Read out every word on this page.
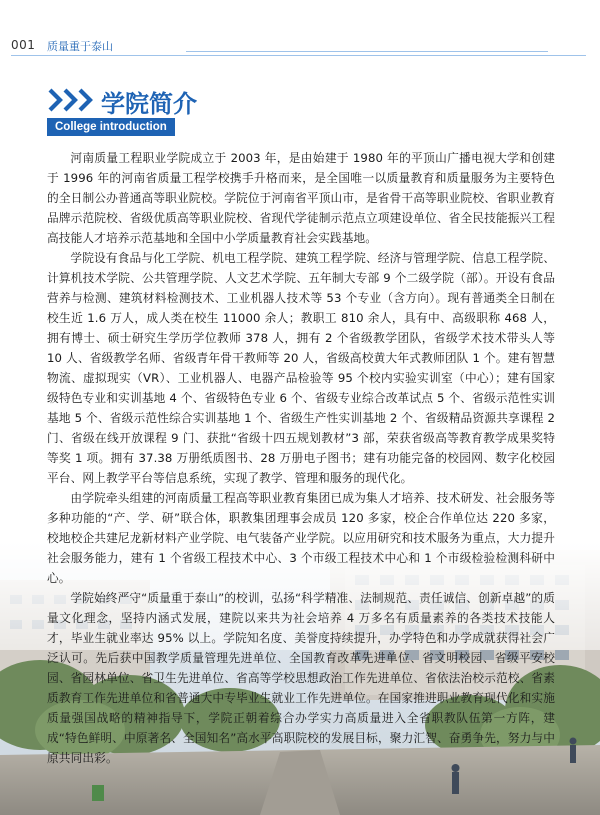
001 质量重于泰山
学院简介
College introduction

河南质量工程职业学院成立于 2003 年，是由始建于 1980 年的平顶山广播电视大学和创建于 1996 年的河南省质量工程学校携手升格而来，是全国唯一以质量教育和质量服务为主要特色的全日制公办普通高等职业院校。学院位于河南省平顶山市，是省骨干高等职业院校、省职业教育品牌示范院校、省级优质高等职业院校、省现代学徒制示范点立项建设单位、省全民技能振兴工程高技能人才培养示范基地和全国中小学质量教育社会实践基地。

学院设有食品与化工学院、机电工程学院、建筑工程学院、经济与管理学院、信息工程学院、计算机技术学院、公共管理学院、人文艺术学院、五年制大专部 9 个二级学院（部）。开设有食品营养与检测、建筑材料检测技术、工业机器人技术等 53 个专业（含方向）。现有普通类全日制在校生近 1.6 万人，成人类在校生 11000 余人；教职工 810 余人，具有中、高级职称 468 人，拥有博士、硕士研究生学历学位教师 378 人，拥有 2 个省级教学团队，省级学术技术带头人等 10 人、省级教学名师、省级青年骨干教师等 20 人，省级高校黄大年式教师团队 1 个。建有智慧物流、虚拟现实（VR）、工业机器人、电器产品检验等 95 个校内实验实训室（中心）；建有国家级特色专业和实训基地 4 个、省级特色专业 6 个、省级专业综合改革试点 5 个、省级示范性实训基地 5 个、省级示范性综合实训基地 1 个、省级生产性实训基地 2 个、省级精品资源共享课程 2 门、省级在线开放课程 9 门、获批“省级十四五规划教材”3 部，荣获省级高等教育教学成果奖特等奖 1 项。拥有 37.38 万册纸质图书、28 万册电子图书；建有功能完备的校园网、数字化校园平台、网上教学平台等信息系统，实现了教学、管理和服务的现代化。

由学院牵头组建的河南质量工程高等职业教育集团已成为集人才培养、技术研发、社会服务等多种功能的“产、学、研”联合体，职教集团理事会成员 120 多家，校企合作单位达 220 多家，校地校企共建尼龙新材料产业学院、电气装备产业学院。以应用研究和技术服务为重点，大力提升社会服务能力，建有 1 个省级工程技术中心、3 个市级工程技术中心和 1 个市级检验检测科研中心。

学院始终严守“质量重于泰山”的校训，弘扬“科学精准、法制规范、责任诚信、创新卓越”的质量文化理念，坚持内涵式发展，建院以来共为社会培养 4 万多名有质量素养的各类技术技能人才，毕业生就业率达 95% 以上。学院知名度、美誉度持续提升，办学特色和办学成就获得社会广泛认可。先后获中国教学质量管理先进单位、全国教育改革先进单位、省文明校园、省级平安校园、省园林单位、省卫生先进单位、省高等学校思想政治工作先进单位、省依法治校示范校、省素质教育工作先进单位和省普通大中专毕业生就业工作先进单位。在国家推进职业教育现代化和实施质量强国战略的精神指导下，学院正朝着综合办学实力高质量进入全省职教队伍第一方阵，建成“特色鲜明、中原著名、全国知名”高水平高职院校的发展目标，聚力汇智、奋勇争先，努力与中原共同出彩。
